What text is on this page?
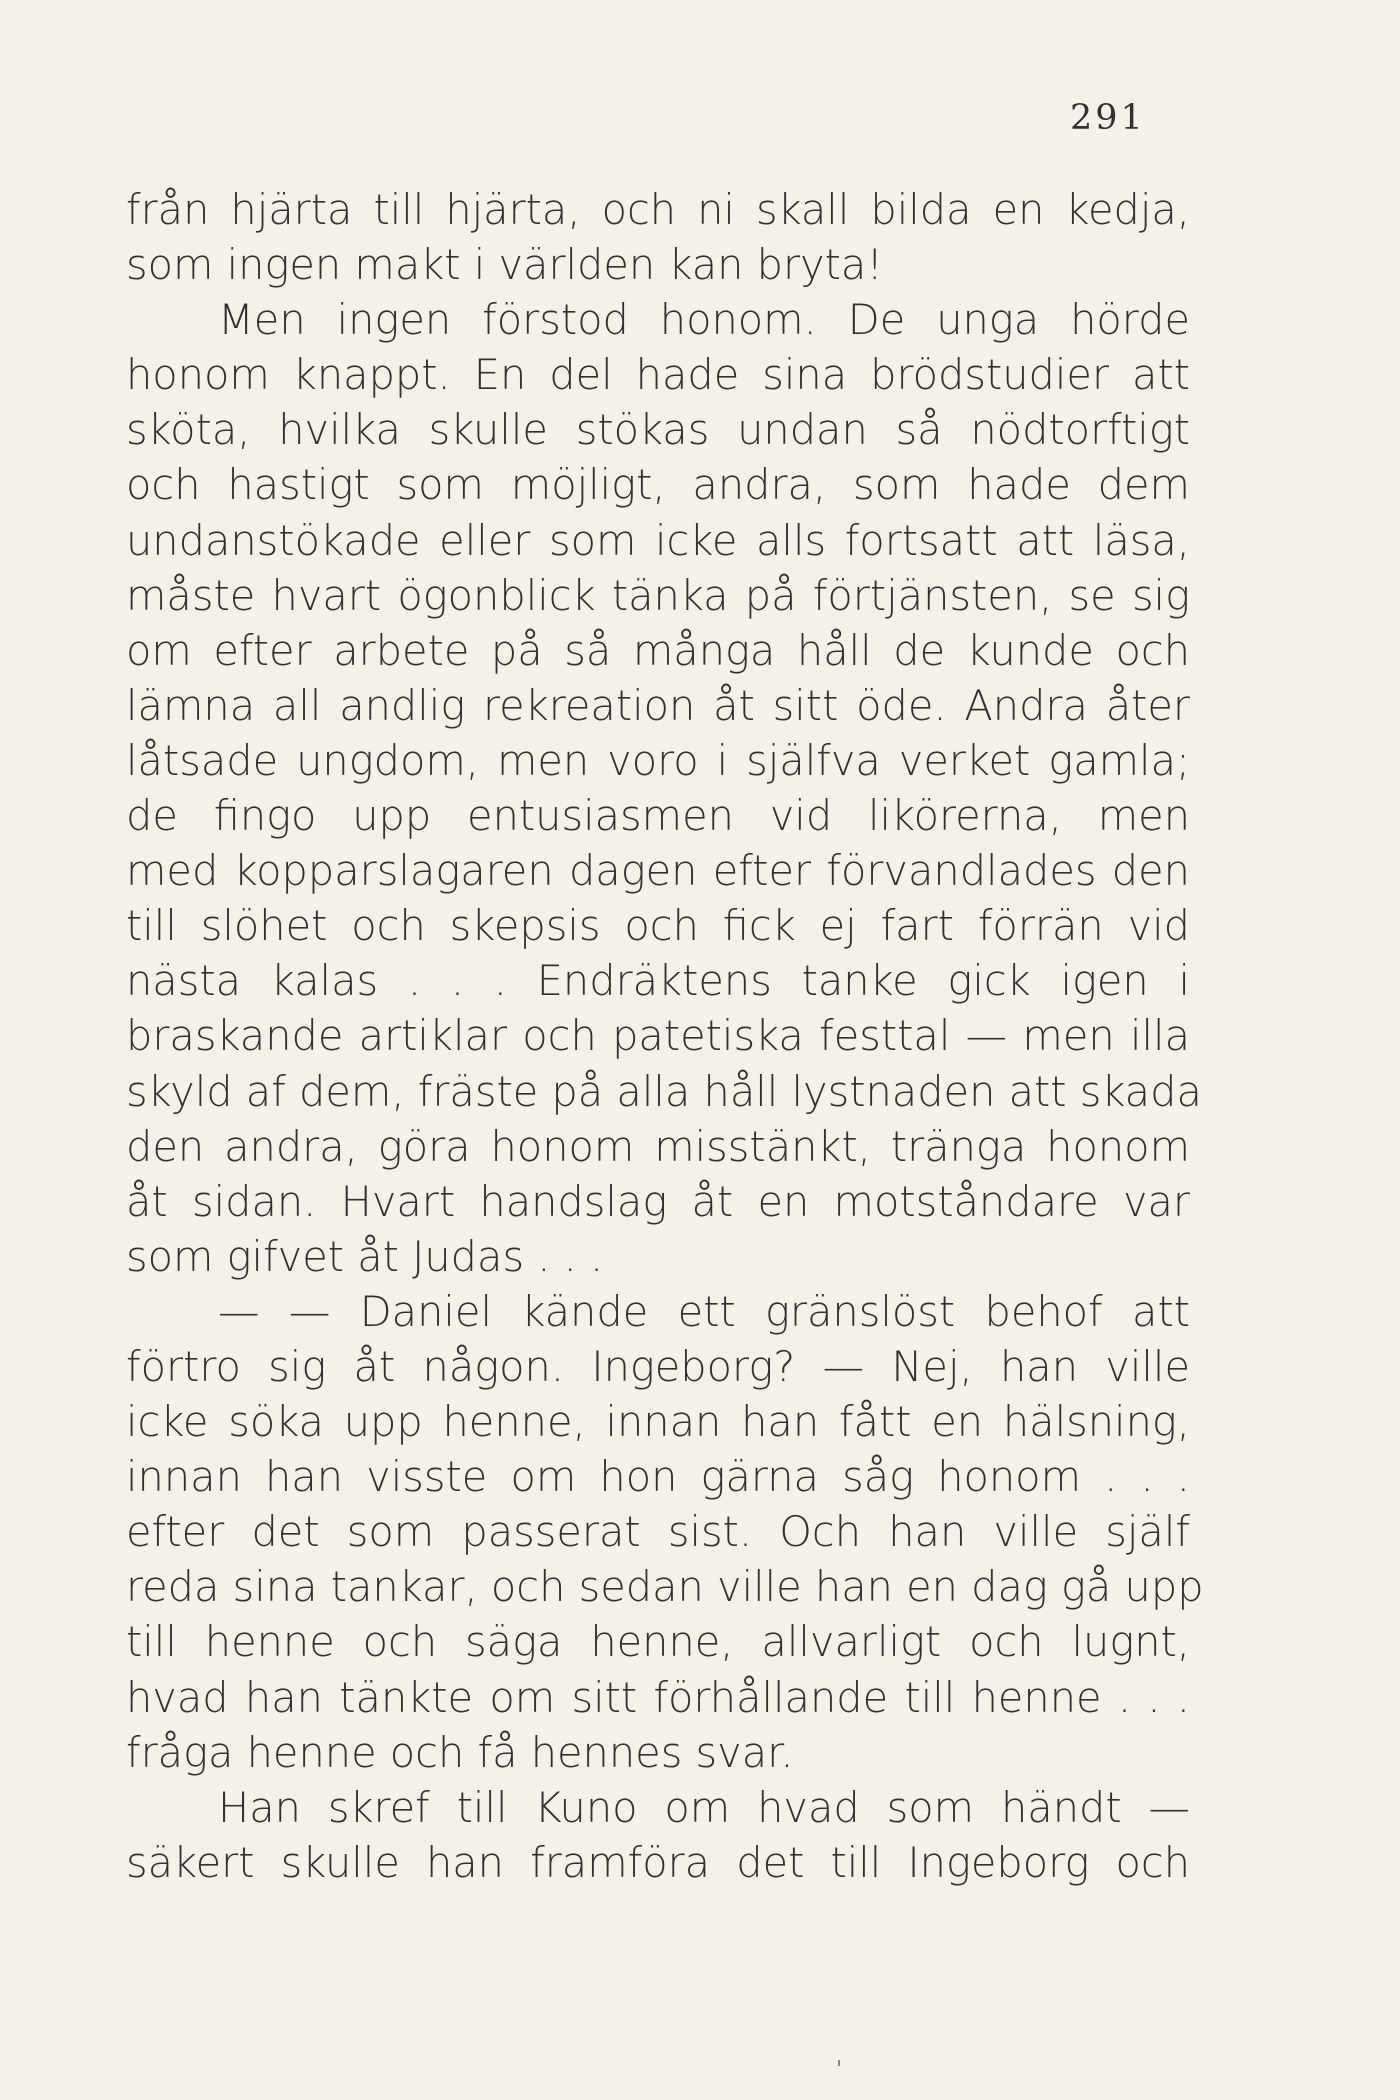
291
från hjärta till hjärta, och ni skall bilda en kedja,
som ingen makt i världen kan bryta!
Men ingen förstod honom. De unga hörde
honom knappt. En del hade sina brödstudier att
sköta, hvilka skulle stökas undan så nödtorftigt
och hastigt som möjligt, andra, som hade dem
undanstökade eller som icke alls fortsatt att läsa,
måste hvart ögonblick tänka på förtjänsten, se sig
om efter arbete på så många håll de kunde och
lämna all andlig rekreation åt sitt öde. Andra åter
låtsade ungdom, men voro i själfva verket gamla;
de fingo upp entusiasmen vid likörerna, men
med kopparslagaren dagen efter förvandlades den
till slöhet och skepsis och fick ej fart förrän vid
nästa kalas . . . Endräktens tanke gick igen i
braskande artiklar och patetiska festtal — men illa
skyld af dem, fräste på alla håll lystnaden att skada
den andra, göra honom misstänkt, tränga honom
åt sidan. Hvart handslag åt en motståndare var
som gifvet åt Judas . . .
— — Daniel kände ett gränslöst behof att
förtro sig åt någon. Ingeborg? — Nej, han ville
icke söka upp henne, innan han fått en hälsning,
innan han visste om hon gärna såg honom . . .
efter det som passerat sist. Och han ville själf
reda sina tankar, och sedan ville han en dag gå upp
till henne och säga henne, allvarligt och lugnt,
hvad han tänkte om sitt förhållande till henne . . .
fråga henne och få hennes svar.
Han skref till Kuno om hvad som händt —
säkert skulle han framföra det till Ingeborg och
